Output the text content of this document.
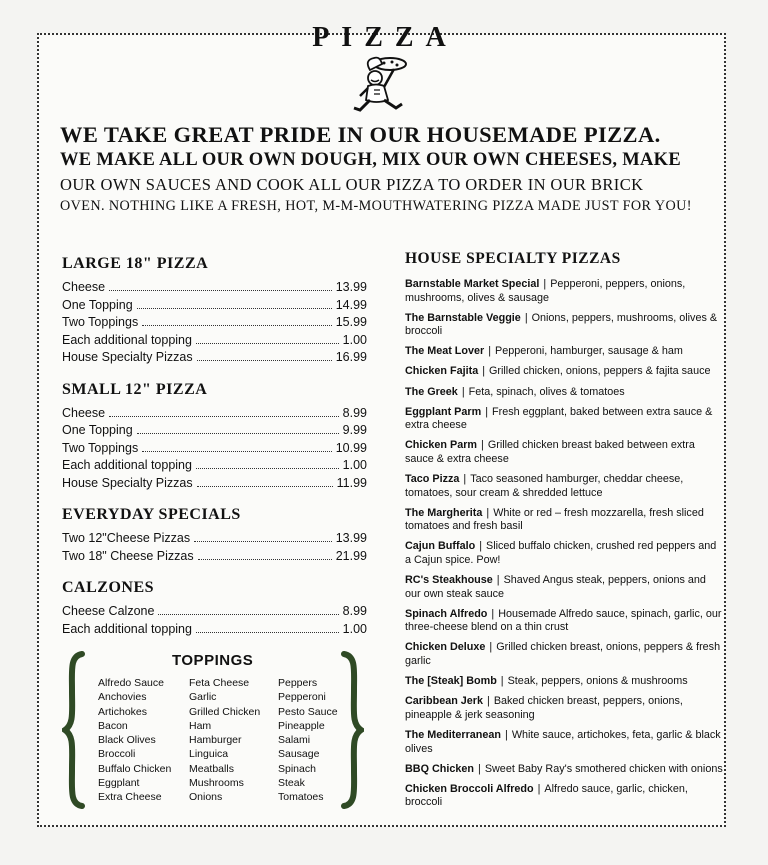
PIZZA
WE TAKE GREAT PRIDE IN OUR HOUSEMADE PIZZA.
WE MAKE ALL OUR OWN DOUGH, MIX OUR OWN CHEESES, MAKE
OUR OWN SAUCES AND COOK ALL OUR PIZZA TO ORDER IN OUR BRICK
OVEN. NOTHING LIKE A FRESH, HOT, M-M-MOUTHWATERING PIZZA MADE JUST FOR YOU!
LARGE 18" PIZZA
Cheese	13.99
One Topping	14.99
Two Toppings	15.99
Each additional topping	1.00
House Specialty Pizzas	16.99
SMALL 12" PIZZA
Cheese	8.99
One Topping	9.99
Two Toppings	10.99
Each additional topping	1.00
House Specialty Pizzas	11.99
EVERYDAY SPECIALS
Two 12"Cheese Pizzas	13.99
Two 18" Cheese Pizzas	21.99
CALZONES
Cheese Calzone	8.99
Each additional topping	1.00
TOPPINGS
Alfredo Sauce
Anchovies
Artichokes
Bacon
Black Olives
Broccoli
Buffalo Chicken
Eggplant
Extra Cheese
Feta Cheese
Garlic
Grilled Chicken
Ham
Hamburger
Linguica
Meatballs
Mushrooms
Onions
Peppers
Pepperoni
Pesto Sauce
Pineapple
Salami
Sausage
Spinach
Steak
Tomatoes
HOUSE SPECIALTY PIZZAS
Barnstable Market Special | Pepperoni, peppers, onions, mushrooms, olives & sausage
The Barnstable Veggie | Onions, peppers, mushrooms, olives & broccoli
The Meat Lover | Pepperoni, hamburger, sausage & ham
Chicken Fajita | Grilled chicken, onions, peppers & fajita sauce
The Greek | Feta, spinach, olives & tomatoes
Eggplant Parm | Fresh eggplant, baked between extra sauce & extra cheese
Chicken Parm | Grilled chicken breast baked between extra sauce & extra cheese
Taco Pizza | Taco seasoned hamburger, cheddar cheese, tomatoes, sour cream & shredded lettuce
The Margherita | White or red – fresh mozzarella, fresh sliced tomatoes and fresh basil
Cajun Buffalo | Sliced buffalo chicken, crushed red peppers and a Cajun spice. Pow!
RC's Steakhouse | Shaved Angus steak, peppers, onions and our own steak sauce
Spinach Alfredo | Housemade Alfredo sauce, spinach, garlic, our three-cheese blend on a thin crust
Chicken Deluxe | Grilled chicken breast, onions, peppers & fresh garlic
The [Steak] Bomb | Steak, peppers, onions & mushrooms
Caribbean Jerk | Baked chicken breast, peppers, onions, pineapple & jerk seasoning
The Mediterranean | White sauce, artichokes, feta, garlic & black olives
BBQ Chicken | Sweet Baby Ray's smothered chicken with onions
Chicken Broccoli Alfredo | Alfredo sauce, garlic, chicken, broccoli
